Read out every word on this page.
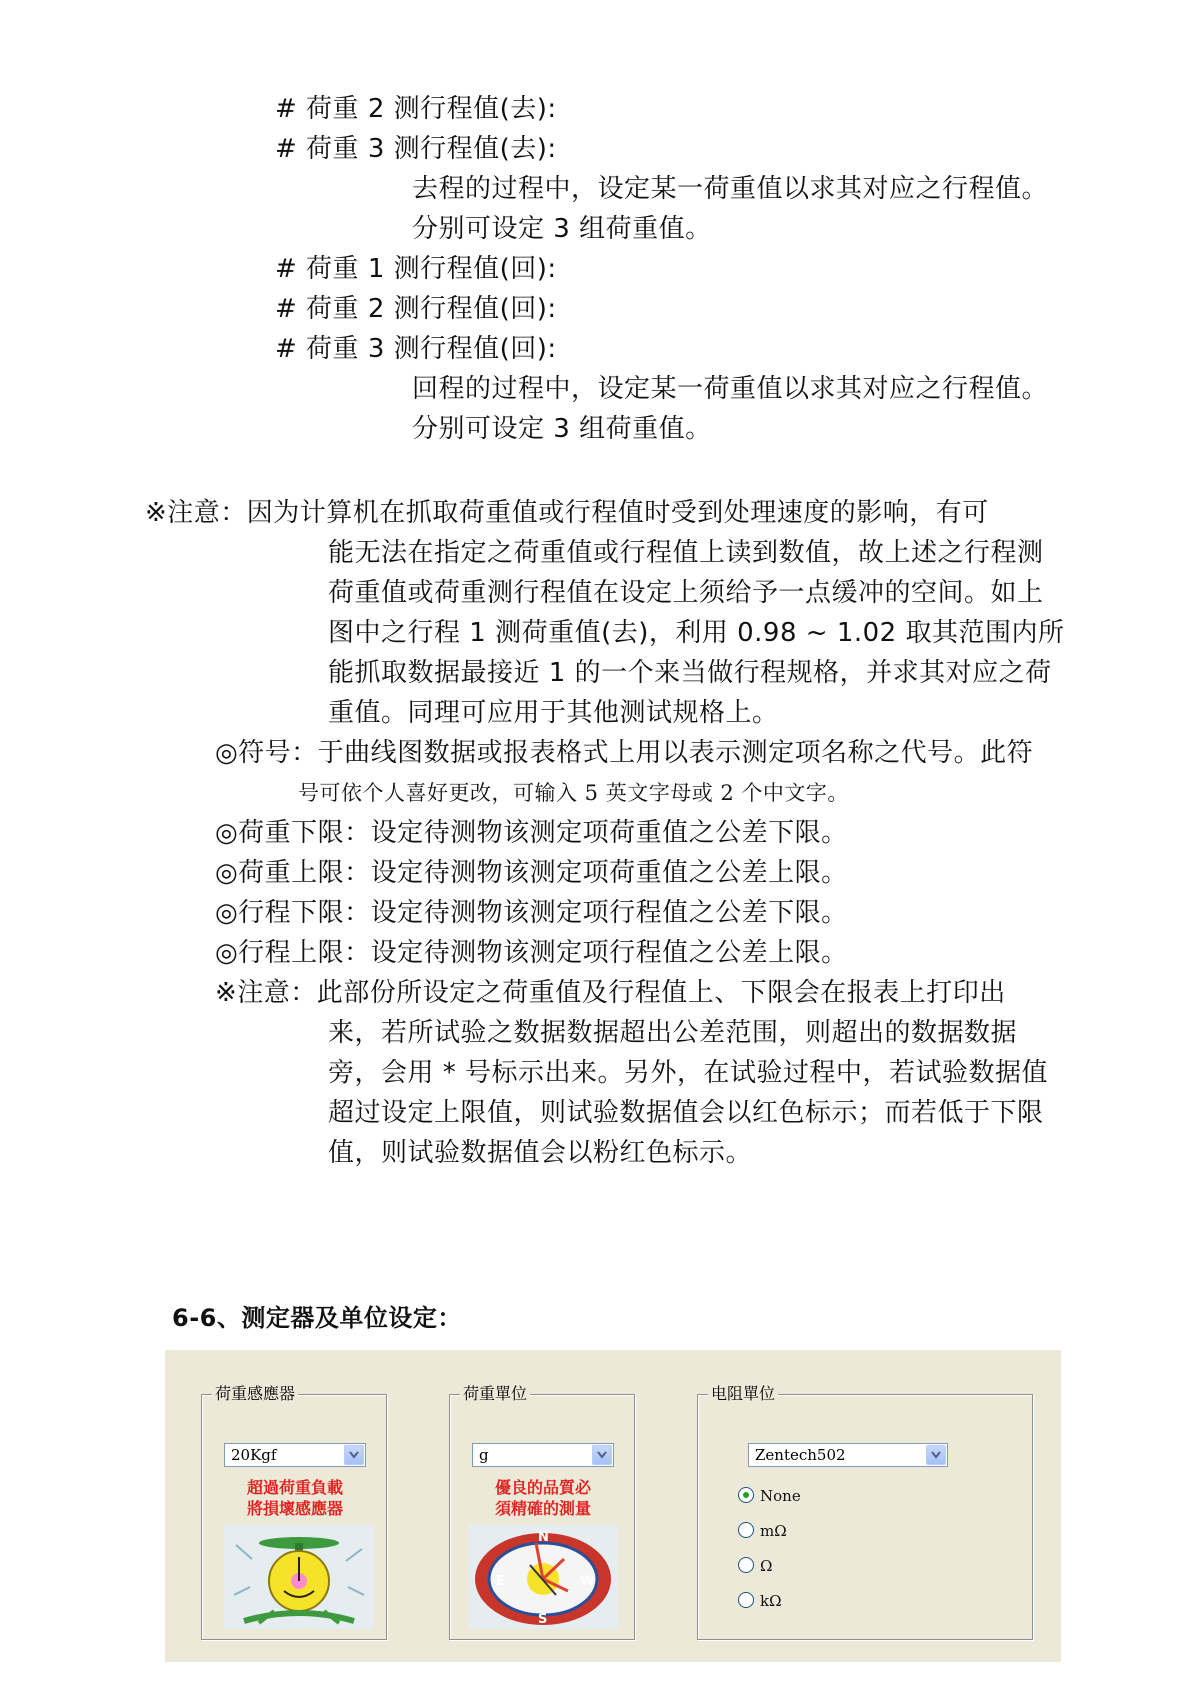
# 荷重 2 测行程值(去):
# 荷重 3 测行程值(去):
去程的过程中，设定某一荷重值以求其对应之行程值。
分别可设定 3 组荷重值。
# 荷重 1 测行程值(回):
# 荷重 2 测行程值(回):
# 荷重 3 测行程值(回):
回程的过程中，设定某一荷重值以求其对应之行程值。
分别可设定 3 组荷重值。
※注意：因为计算机在抓取荷重值或行程值时受到处理速度的影响，有可
能无法在指定之荷重值或行程值上读到数值，故上述之行程测
荷重值或荷重测行程值在设定上须给予一点缓冲的空间。如上
图中之行程 1 测荷重值(去)，利用 0.98 ~ 1.02 取其范围内所
能抓取数据最接近 1 的一个来当做行程规格，并求其对应之荷
重值。同理可应用于其他测试规格上。
◎符号：于曲线图数据或报表格式上用以表示测定项名称之代号。此符
号可依个人喜好更改，可输入 5 英文字母或 2 个中文字。
◎荷重下限：设定待测物该测定项荷重值之公差下限。
◎荷重上限：设定待测物该测定项荷重值之公差上限。
◎行程下限：设定待测物该测定项行程值之公差下限。
◎行程上限：设定待测物该测定项行程值之公差上限。
※注意：此部份所设定之荷重值及行程值上、下限会在报表上打印出
来，若所试验之数据数据超出公差范围，则超出的数据数据
旁，会用 * 号标示出来。另外，在试验过程中，若试验数据值
超过设定上限值，则试验数据值会以红色标示；而若低于下限
值，则试验数据值会以粉红色标示。
6-6、测定器及单位设定：
荷重感應器
20Kgf
超過荷重負載
將損壞感應器
荷重單位
g
優良的品質必
須精確的測量
N
E	W
S
电阻單位
Zentech502
None
mΩ
Ω
kΩ
